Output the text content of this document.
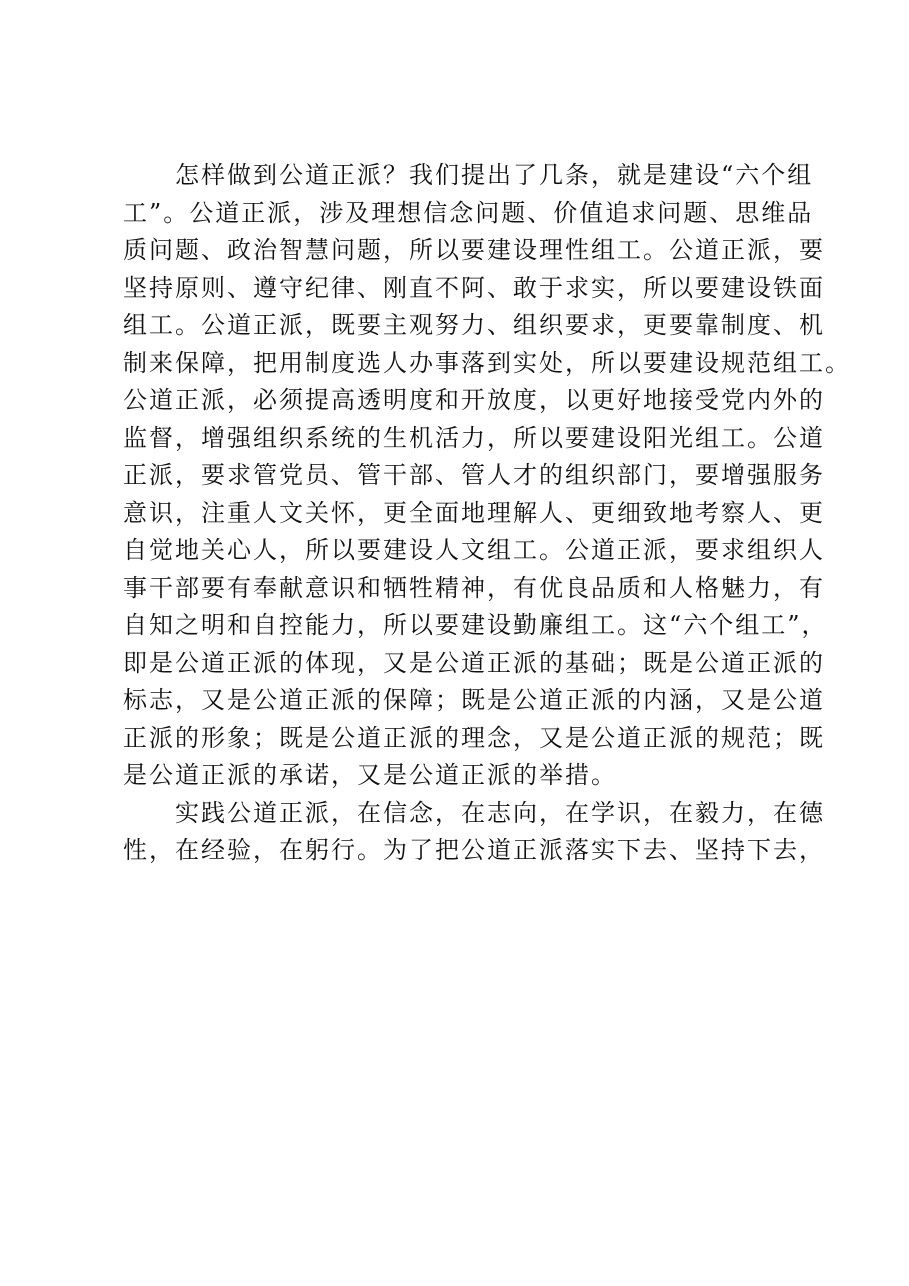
怎样做到公道正派？我们提出了几条，就是建设“六个组
工”。公道正派，涉及理想信念问题、价值追求问题、思维品
质问题、政治智慧问题，所以要建设理性组工。公道正派，要
坚持原则、遵守纪律、刚直不阿、敢于求实，所以要建设铁面
组工。公道正派，既要主观努力、组织要求，更要靠制度、机
制来保障，把用制度选人办事落到实处，所以要建设规范组工。
公道正派，必须提高透明度和开放度，以更好地接受党内外的
监督，增强组织系统的生机活力，所以要建设阳光组工。公道
正派，要求管党员、管干部、管人才的组织部门，要增强服务
意识，注重人文关怀，更全面地理解人、更细致地考察人、更
自觉地关心人，所以要建设人文组工。公道正派，要求组织人
事干部要有奉献意识和牺牲精神，有优良品质和人格魅力，有
自知之明和自控能力，所以要建设勤廉组工。这“六个组工”，
即是公道正派的体现，又是公道正派的基础；既是公道正派的
标志，又是公道正派的保障；既是公道正派的内涵，又是公道
正派的形象；既是公道正派的理念，又是公道正派的规范；既
是公道正派的承诺，又是公道正派的举措。

实践公道正派，在信念，在志向，在学识，在毅力，在德
性，在经验，在躬行。为了把公道正派落实下去、坚持下去，
